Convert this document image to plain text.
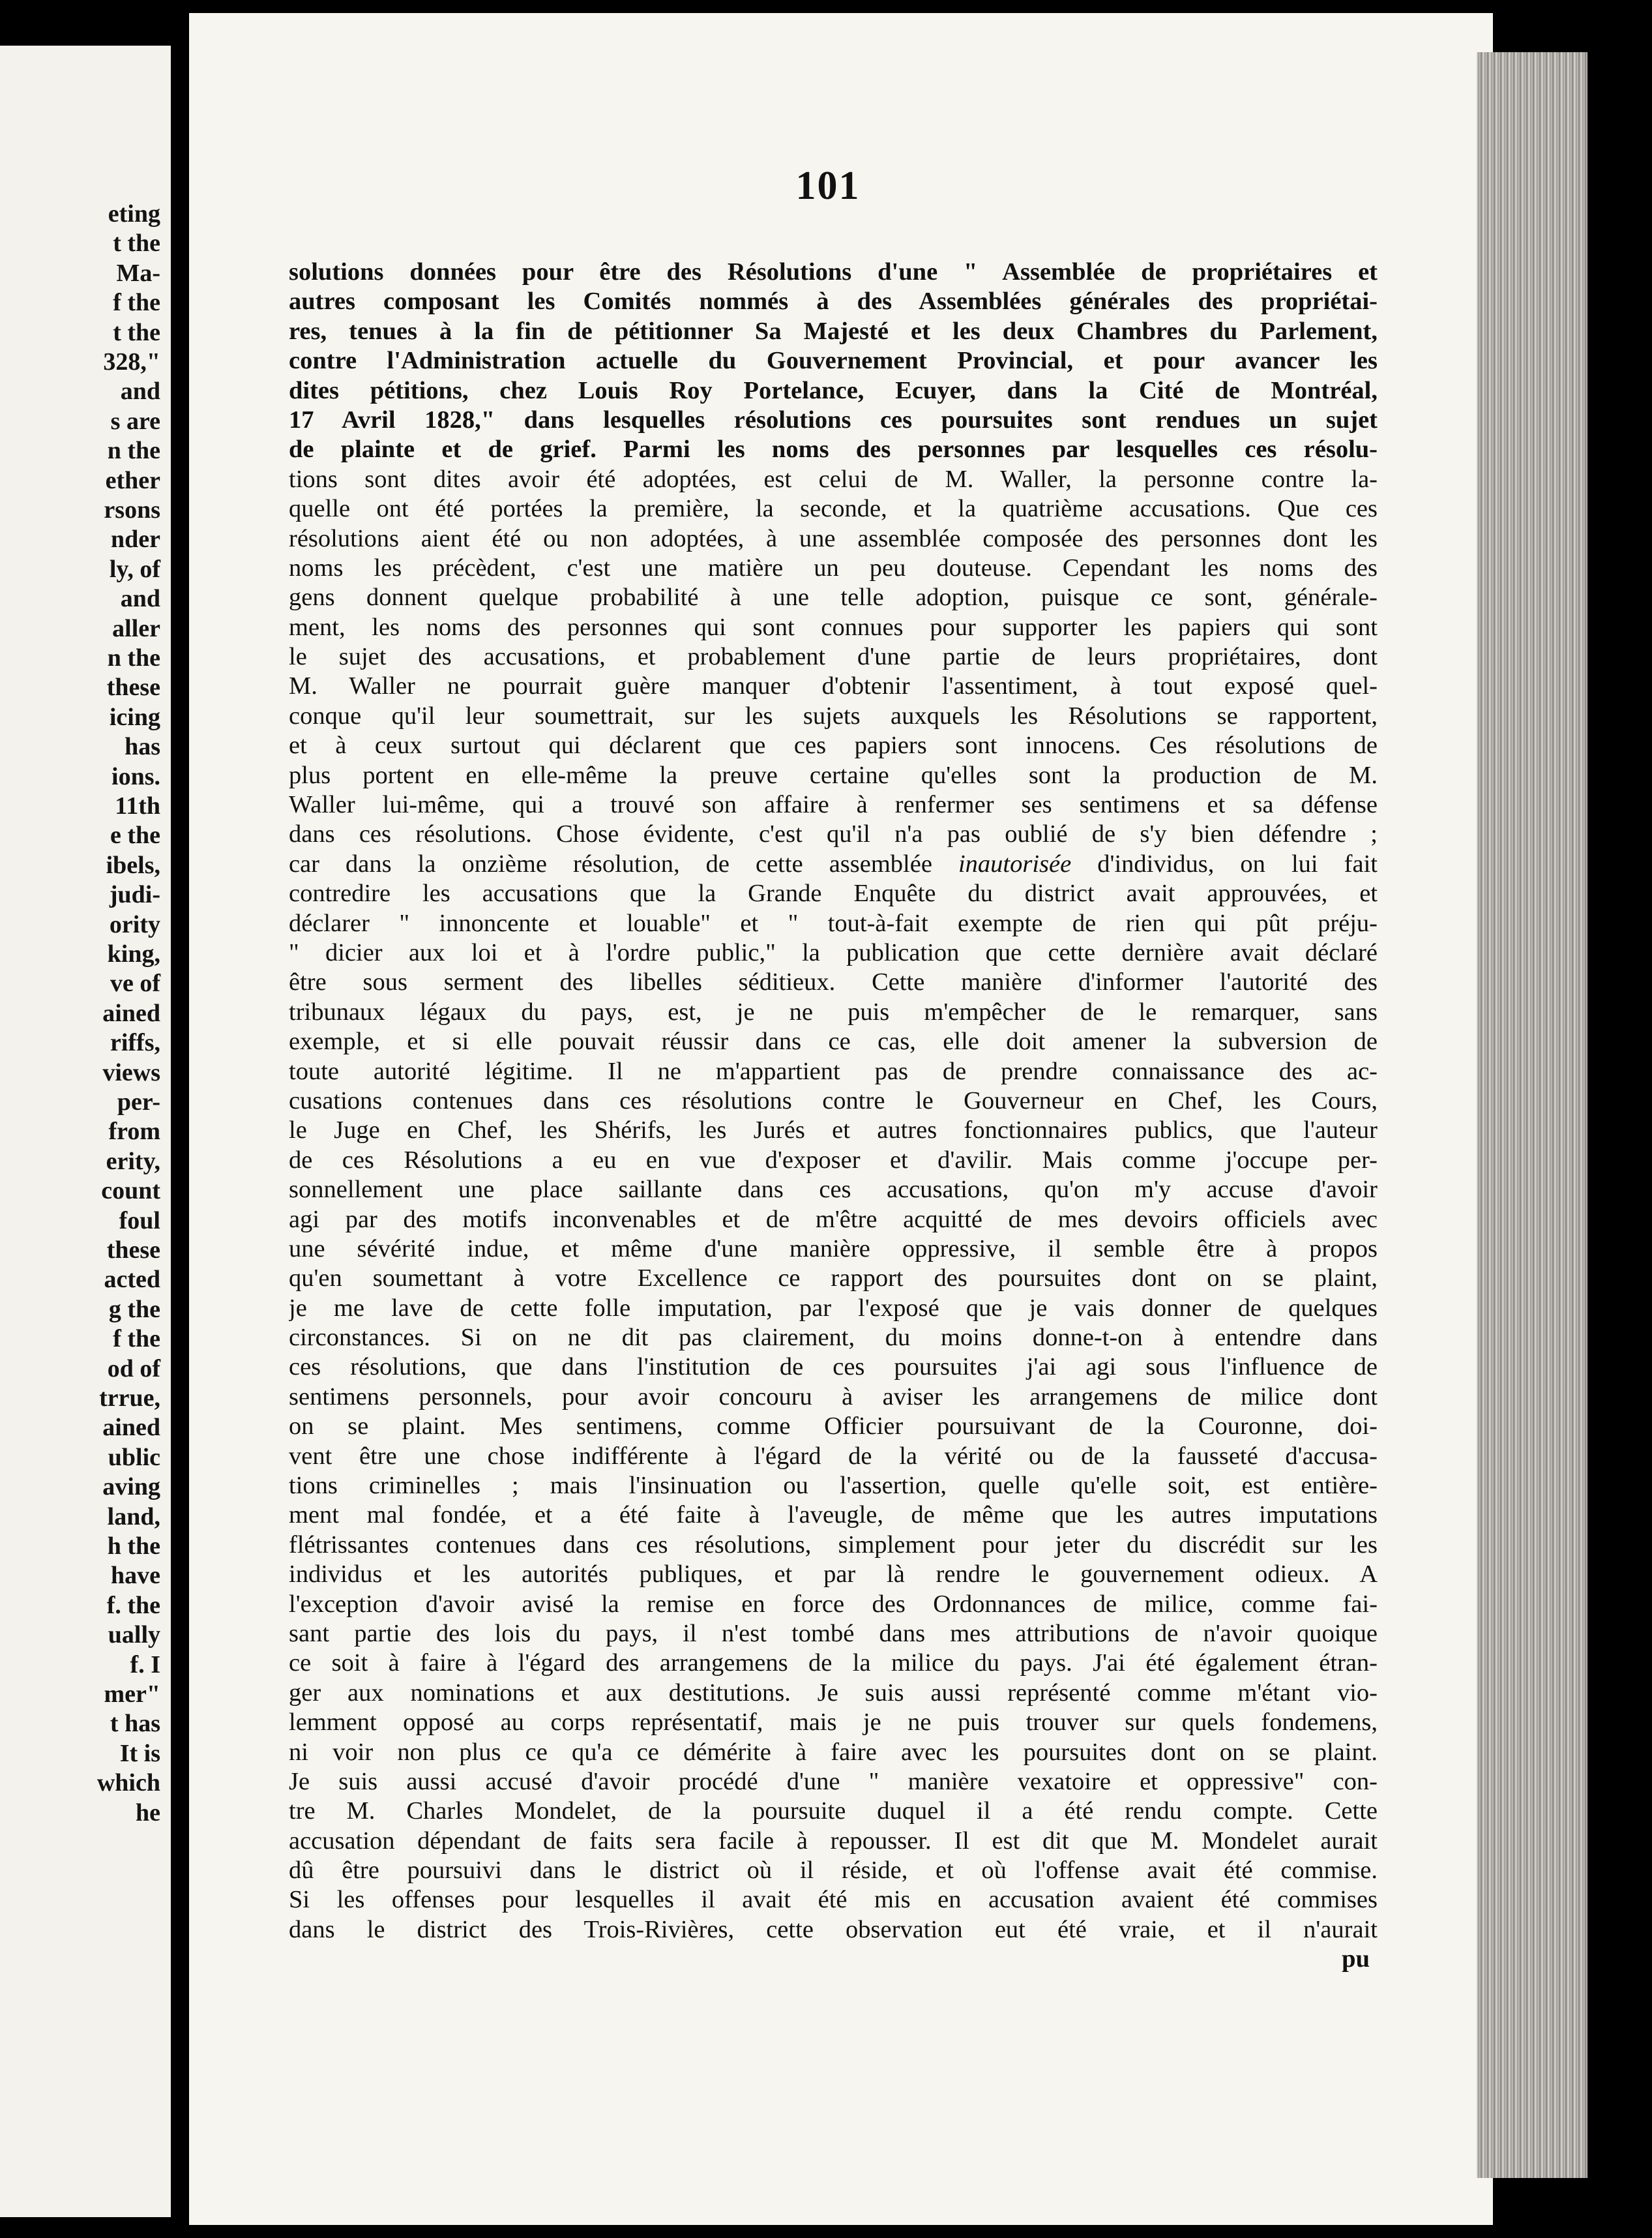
eting
t the
Ma-
f the
t the
328,"
and
s are
n the
ether
rsons
nder
ly, of
and
aller
n the
these
icing
has
ions.
11th
e the
ibels,
judi-
ority
king,
ve of
ained
riffs,
views
per-
from
erity,
count
foul
these
acted
g the
f the
od of
trrue,
ained
ublic
aving
land,
h the
have
f. the
ually
f. I
mer"
t has
It is
which
he
101
solutions données pour être des Résolutions d'une " Assemblée de propriétaires et
autres composant les Comités nommés à des Assemblées générales des propriétai-
res, tenues à la fin de pétitionner Sa Majesté et les deux Chambres du Parlement,
contre l'Administration actuelle du Gouvernement Provincial, et pour avancer les
dites pétitions, chez Louis Roy Portelance, Ecuyer, dans la Cité de Montréal,
17 Avril 1828," dans lesquelles résolutions ces poursuites sont rendues un sujet
de plainte et de grief. Parmi les noms des personnes par lesquelles ces résolu-
tions sont dites avoir été adoptées, est celui de M. Waller, la personne contre la-
quelle ont été portées la première, la seconde, et la quatrième accusations. Que ces
résolutions aient été ou non adoptées, à une assemblée composée des personnes dont les
noms les précèdent, c'est une matière un peu douteuse. Cependant les noms des
gens donnent quelque probabilité à une telle adoption, puisque ce sont, générale-
ment, les noms des personnes qui sont connues pour supporter les papiers qui sont
le sujet des accusations, et probablement d'une partie de leurs propriétaires, dont
M. Waller ne pourrait guère manquer d'obtenir l'assentiment, à tout exposé quel-
conque qu'il leur soumettrait, sur les sujets auxquels les Résolutions se rapportent,
et à ceux surtout qui déclarent que ces papiers sont innocens. Ces résolutions de
plus portent en elle-même la preuve certaine qu'elles sont la production de M.
Waller lui-même, qui a trouvé son affaire à renfermer ses sentimens et sa défense
dans ces résolutions. Chose évidente, c'est qu'il n'a pas oublié de s'y bien défendre ;
car dans la onzième résolution, de cette assemblée inautorisée d'individus, on lui fait
contredire les accusations que la Grande Enquête du district avait approuvées, et
déclarer " innoncente et louable" et " tout-à-fait exempte de rien qui pût préju-
" dicier aux loi et à l'ordre public," la publication que cette dernière avait déclaré
être sous serment des libelles séditieux. Cette manière d'informer l'autorité des
tribunaux légaux du pays, est, je ne puis m'empêcher de le remarquer, sans
exemple, et si elle pouvait réussir dans ce cas, elle doit amener la subversion de
toute autorité légitime. Il ne m'appartient pas de prendre connaissance des ac-
cusations contenues dans ces résolutions contre le Gouverneur en Chef, les Cours,
le Juge en Chef, les Shérifs, les Jurés et autres fonctionnaires publics, que l'auteur
de ces Résolutions a eu en vue d'exposer et d'avilir. Mais comme j'occupe per-
sonnellement une place saillante dans ces accusations, qu'on m'y accuse d'avoir
agi par des motifs inconvenables et de m'être acquitté de mes devoirs officiels avec
une sévérité indue, et même d'une manière oppressive, il semble être à propos
qu'en soumettant à votre Excellence ce rapport des poursuites dont on se plaint,
je me lave de cette folle imputation, par l'exposé que je vais donner de quelques
circonstances. Si on ne dit pas clairement, du moins donne-t-on à entendre dans
ces résolutions, que dans l'institution de ces poursuites j'ai agi sous l'influence de
sentimens personnels, pour avoir concouru à aviser les arrangemens de milice dont
on se plaint. Mes sentimens, comme Officier poursuivant de la Couronne, doi-
vent être une chose indifférente à l'égard de la vérité ou de la fausseté d'accusa-
tions criminelles ; mais l'insinuation ou l'assertion, quelle qu'elle soit, est entière-
ment mal fondée, et a été faite à l'aveugle, de même que les autres imputations
flétrissantes contenues dans ces résolutions, simplement pour jeter du discrédit sur les
individus et les autorités publiques, et par là rendre le gouvernement odieux. A
l'exception d'avoir avisé la remise en force des Ordonnances de milice, comme fai-
sant partie des lois du pays, il n'est tombé dans mes attributions de n'avoir quoique
ce soit à faire à l'égard des arrangemens de la milice du pays. J'ai été également étran-
ger aux nominations et aux destitutions. Je suis aussi représenté comme m'étant vio-
lemment opposé au corps représentatif, mais je ne puis trouver sur quels fondemens,
ni voir non plus ce qu'a ce démérite à faire avec les poursuites dont on se plaint.
Je suis aussi accusé d'avoir procédé d'une " manière vexatoire et oppressive" con-
tre M. Charles Mondelet, de la poursuite duquel il a été rendu compte. Cette
accusation dépendant de faits sera facile à repousser. Il est dit que M. Mondelet aurait
dû être poursuivi dans le district où il réside, et où l'offense avait été commise.
Si les offenses pour lesquelles il avait été mis en accusation avaient été commises
dans le district des Trois-Rivières, cette observation eut été vraie, et il n'aurait
pu
